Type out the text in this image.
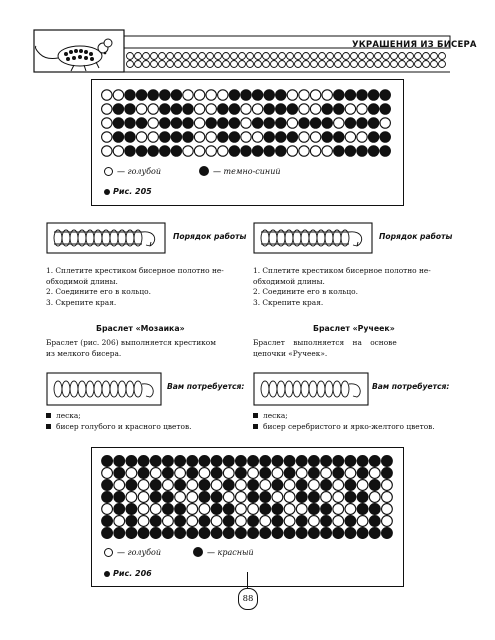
УКРАШЕНИЯ ИЗ БИСЕРА
— голубой	— темно-синий
Рис. 205
Порядок работы
1. Сплетите крестиком бисерное полотно не-
обходимой длины.
2. Соедините его в кольцо.
3. Скрепите края.
Браслет «Мозаика»
Браслет (рис. 206) выполняется крестиком
из мелкого бисера.
Вам потребуется:
леска;
бисер голубого и красного цветов.
Порядок работы
1. Сплетите крестиком бисерное полотно не-
обходимой длины.
2. Соедините его в кольцо.
3. Скрепите края.
Браслет «Ручеек»
Браслет выполняется на основе
цепочки «Ручеек».
Вам потребуется:
леска;
бисер серебристого и ярко-желтого цветов.
— голубой	— красный
Рис. 206
88
